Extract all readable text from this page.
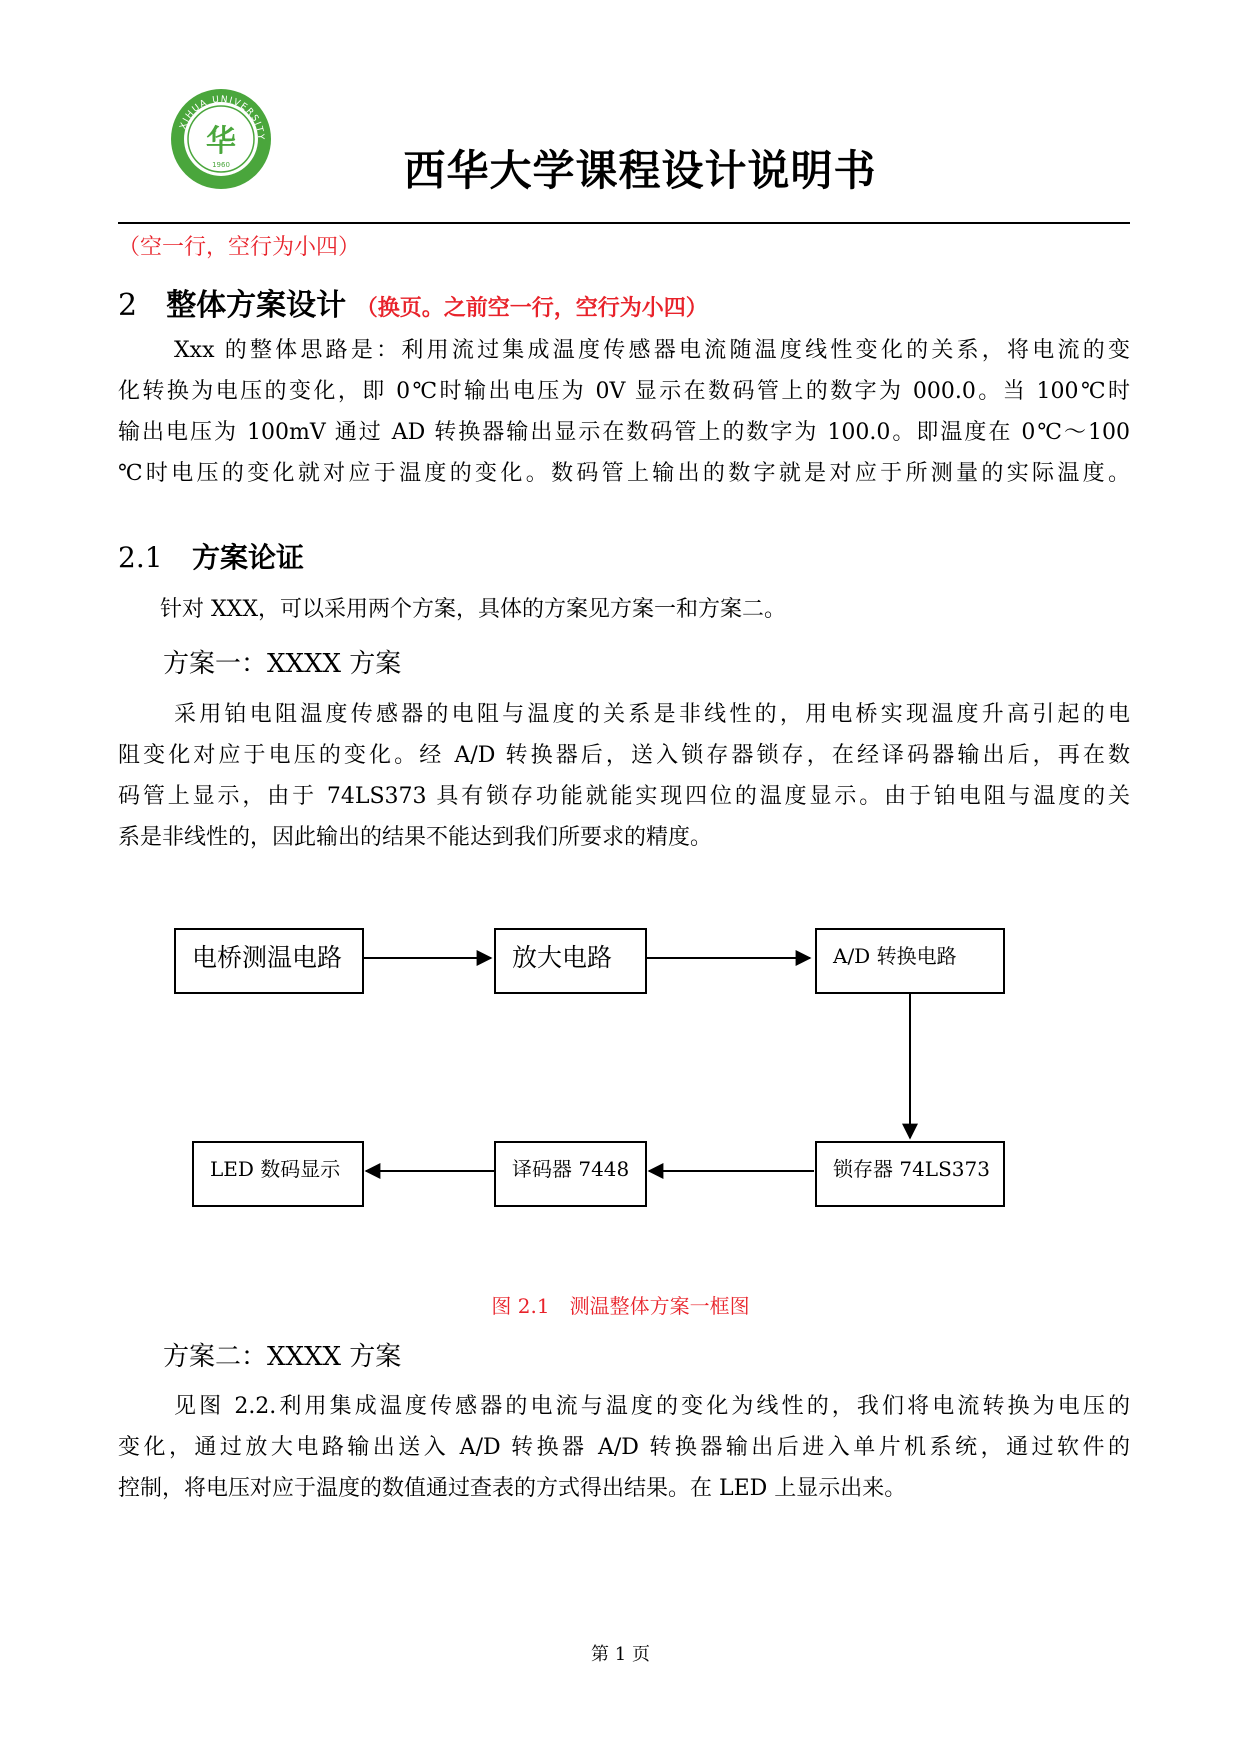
XIHUA UNIVERSITY
华
1960	西华大学课程设计说明书
（空一行，空行为小四）
2 整体方案设计 （换页。之前空一行，空行为小四）
Xxx 的整体思路是：利用流过集成温度传感器电流随温度线性变化的关系，将电流的变
化转换为电压的变化，即 0℃时输出电压为 0V 显示在数码管上的数字为 000.0。当 100℃时
输出电压为 100mV 通过 AD 转换器输出显示在数码管上的数字为 100.0。即温度在 0℃～100
℃时电压的变化就对应于温度的变化。数码管上输出的数字就是对应于所测量的实际温度。
2.1 方案论证
针对 XXX，可以采用两个方案，具体的方案见方案一和方案二。
方案一：XXXX 方案
采用铂电阻温度传感器的电阻与温度的关系是非线性的，用电桥实现温度升高引起的电
阻变化对应于电压的变化。经 A/D 转换器后，送入锁存器锁存，在经译码器输出后，再在数
码管上显示，由于 74LS373 具有锁存功能就能实现四位的温度显示。由于铂电阻与温度的关
系是非线性的，因此输出的结果不能达到我们所要求的精度。
电桥测温电路	放大电路	A/D 转换电路
锁存器 74LS373
译码器 7448
LED 数码显示
图 2.1　测温整体方案一框图
方案二：XXXX 方案
见图 2.2.利用集成温度传感器的电流与温度的变化为线性的，我们将电流转换为电压的
变化，通过放大电路输出送入 A/D 转换器 A/D 转换器输出后进入单片机系统，通过软件的
控制，将电压对应于温度的数值通过查表的方式得出结果。在 LED 上显示出来。
第 1 页
